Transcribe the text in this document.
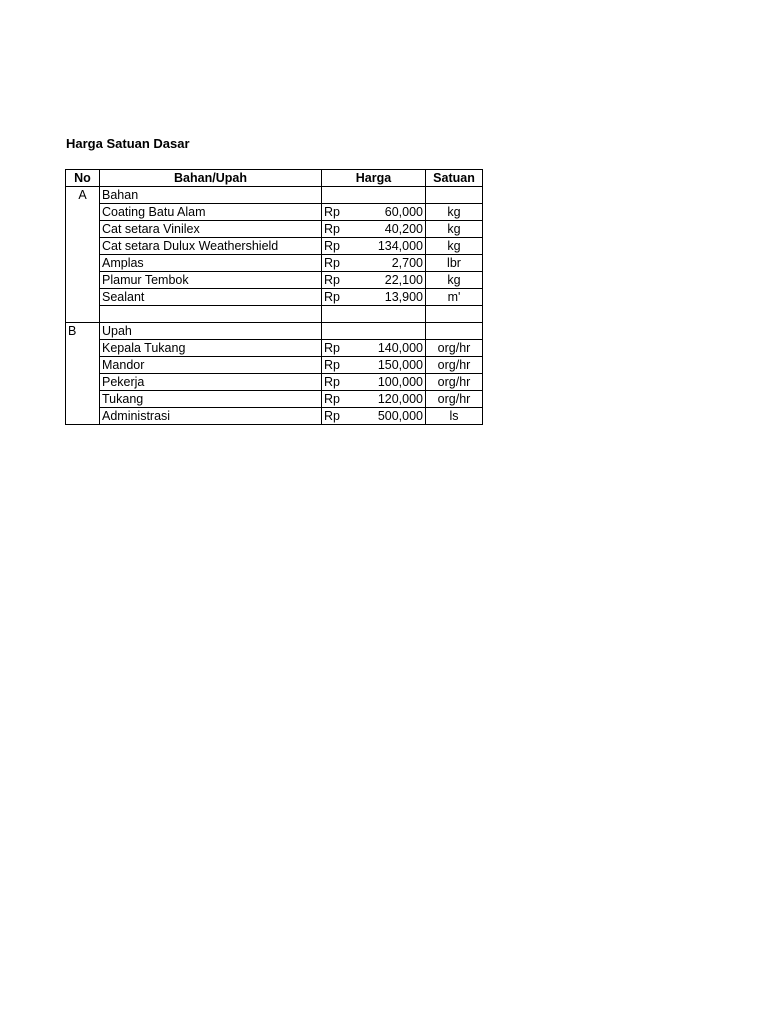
Harga Satuan Dasar
No	Bahan/Upah	Harga		Satuan
A	Bahan			
	Coating Batu Alam	Rp	60,000	kg
	Cat setara Vinilex	Rp	40,200	kg
	Cat setara Dulux Weathershield	Rp	134,000	kg
	Amplas	Rp	2,700	lbr
	Plamur Tembok	Rp	22,100	kg
	Sealant	Rp	13,900	m'

B	Upah			
	Kepala Tukang	Rp	140,000	org/hr
	Mandor	Rp	150,000	org/hr
	Pekerja	Rp	100,000	org/hr
	Tukang	Rp	120,000	org/hr
	Administrasi	Rp	500,000	ls
